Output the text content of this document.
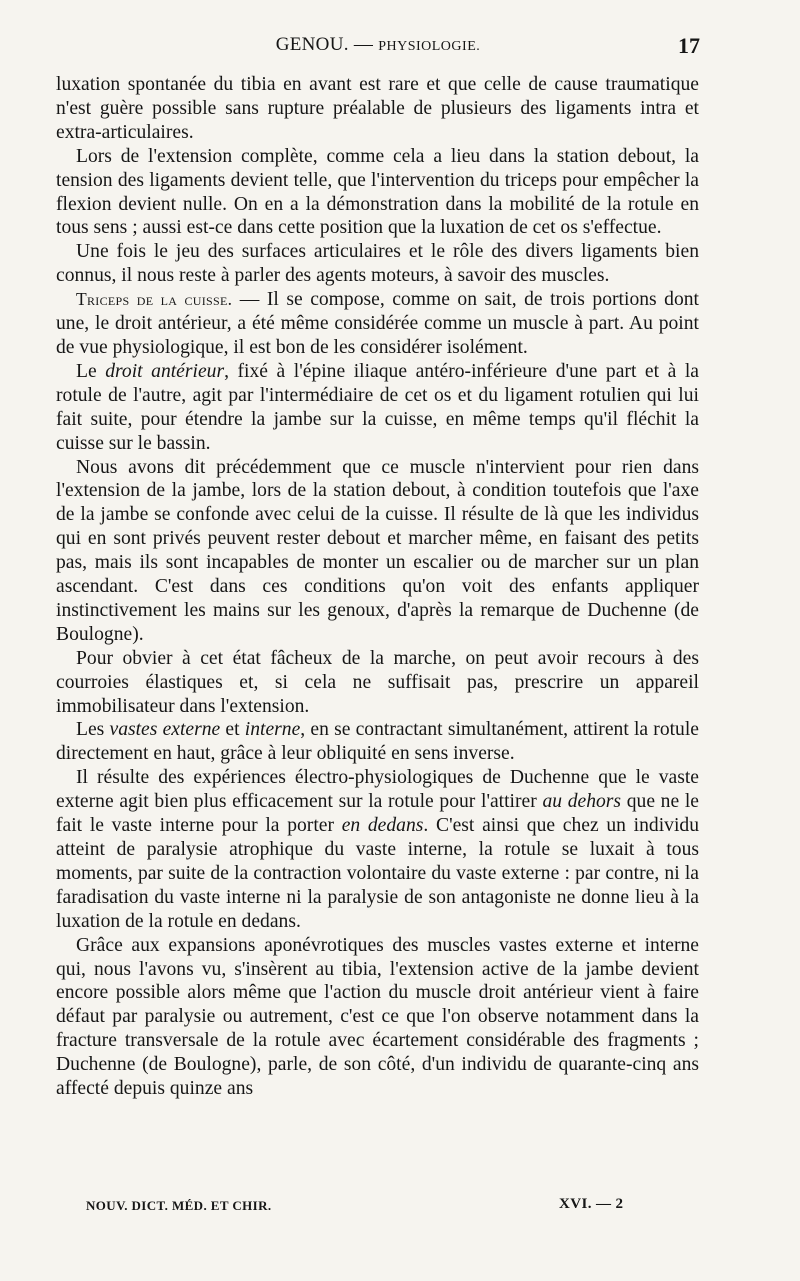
GENOU. — PHYSIOLOGIE.	17

luxation spontanée du tibia en avant est rare et que celle de cause traumatique n'est guère possible sans rupture préalable de plusieurs des ligaments intra et extra-articulaires.

Lors de l'extension complète, comme cela a lieu dans la station debout, la tension des ligaments devient telle, que l'intervention du triceps pour empêcher la flexion devient nulle. On en a la démonstration dans la mobilité de la rotule en tous sens ; aussi est-ce dans cette position que la luxation de cet os s'effectue.

Une fois le jeu des surfaces articulaires et le rôle des divers ligaments bien connus, il nous reste à parler des agents moteurs, à savoir des muscles.

Triceps de la cuisse. — Il se compose, comme on sait, de trois portions dont une, le droit antérieur, a été même considérée comme un muscle à part. Au point de vue physiologique, il est bon de les considérer isolément.

Le droit antérieur, fixé à l'épine iliaque antéro-inférieure d'une part et à la rotule de l'autre, agit par l'intermédiaire de cet os et du ligament rotulien qui lui fait suite, pour étendre la jambe sur la cuisse, en même temps qu'il fléchit la cuisse sur le bassin.

Nous avons dit précédemment que ce muscle n'intervient pour rien dans l'extension de la jambe, lors de la station debout, à condition toutefois que l'axe de la jambe se confonde avec celui de la cuisse. Il résulte de là que les individus qui en sont privés peuvent rester debout et marcher même, en faisant des petits pas, mais ils sont incapables de monter un escalier ou de marcher sur un plan ascendant. C'est dans ces conditions qu'on voit des enfants appliquer instinctivement les mains sur les genoux, d'après la remarque de Duchenne (de Boulogne).

Pour obvier à cet état fâcheux de la marche, on peut avoir recours à des courroies élastiques et, si cela ne suffisait pas, prescrire un appareil immobilisateur dans l'extension.

Les vastes externe et interne, en se contractant simultanément, attirent la rotule directement en haut, grâce à leur obliquité en sens inverse.

Il résulte des expériences électro-physiologiques de Duchenne que le vaste externe agit bien plus efficacement sur la rotule pour l'attirer au dehors que ne le fait le vaste interne pour la porter en dedans. C'est ainsi que chez un individu atteint de paralysie atrophique du vaste interne, la rotule se luxait à tous moments, par suite de la contraction volontaire du vaste externe : par contre, ni la faradisation du vaste interne ni la paralysie de son antagoniste ne donne lieu à la luxation de la rotule en dedans.

Grâce aux expansions aponévrotiques des muscles vastes externe et interne qui, nous l'avons vu, s'insèrent au tibia, l'extension active de la jambe devient encore possible alors même que l'action du muscle droit antérieur vient à faire défaut par paralysie ou autrement, c'est ce que l'on observe notamment dans la fracture transversale de la rotule avec écartement considérable des fragments ; Duchenne (de Boulogne), parle, de son côté, d'un individu de quarante-cinq ans affecté depuis quinze ans

NOUV. DICT. MÉD. ET CHIR.	XVI. — 2
